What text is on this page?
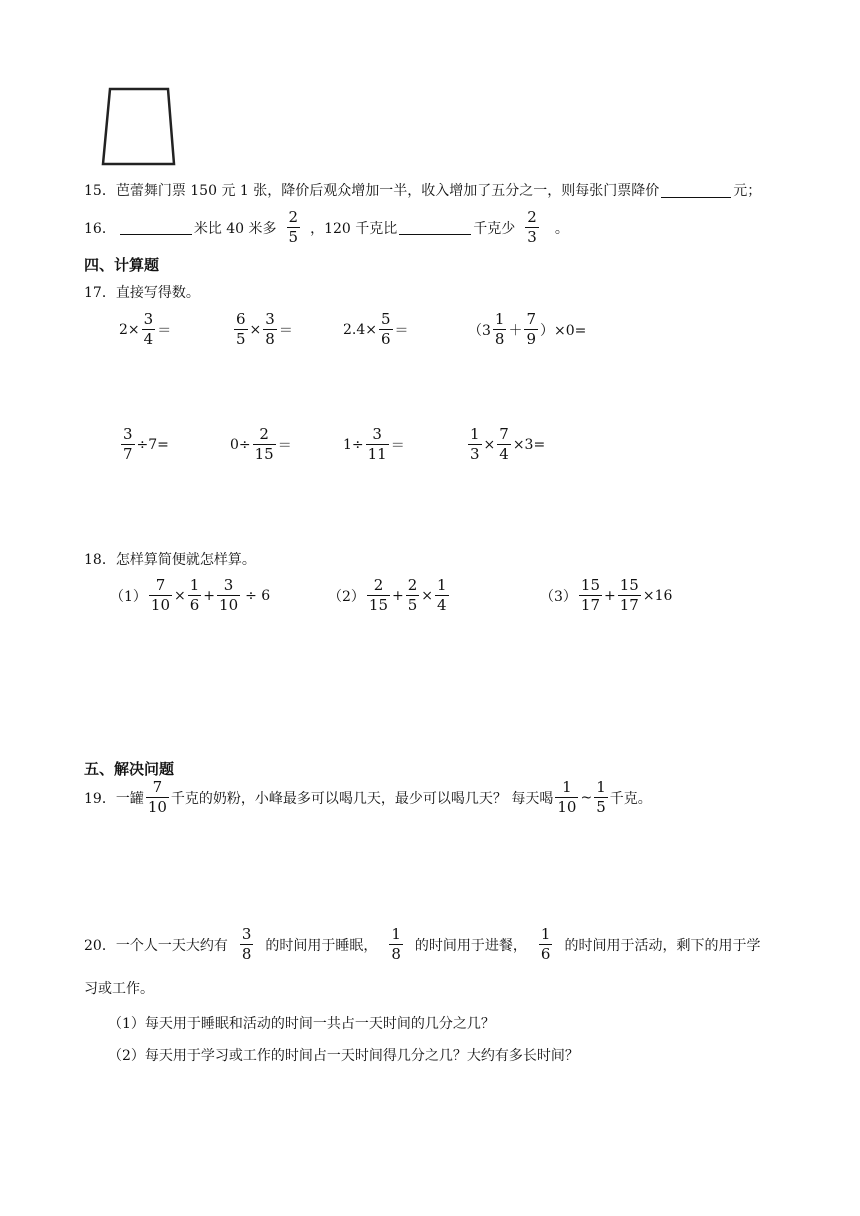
15． 芭蕾舞门票 150 元 1 张，降价后观众增加一半，收入增加了五分之一，则每张门票降价	元；
16．	米比 40 米多 $\frac{2}{5}$ ，120 千克比	千克少 $\frac{2}{3}$ 。
四、计算题
17． 直接写得数。
$2\times \frac{3}{4}$ ＝	$\frac{6}{5} \times \frac{3}{8}$ ＝	$2.4\times \frac{5}{6}$ ＝	$(3 \frac{1}{8} + \frac{7}{9} )\times 0=$
$\frac{3}{7} \div 7=$	$0\div \frac{2}{15}$ ＝	$1\div \frac{3}{11}$ ＝	$\frac{1}{3} \times \frac{7}{4} \times 3=$
18． 怎样算简便就怎样算。
$(1) \frac{7}{10} \times \frac{1}{6} + \frac{3}{10} \div 6$	$(2) \frac{2}{15} + \frac{2}{5} \times \frac{1}{4}$	$(3) \frac{15}{17} + \frac{15}{17} \times 16$
五、解决问题
19． 一罐 $\frac{7}{10}$ 千克的奶粉，小峰最多可以喝几天，最少可以喝几天？ 每天喝 $\frac{1}{10}$ ~ $\frac{1}{5}$ 千克。
20． 一个人一天大约有 $\frac{3}{8}$ 的时间用于睡眠， $\frac{1}{8}$ 的时间用于进餐， $\frac{1}{6}$ 的时间用于活动，剩下的用于学
习或工作。
（1）每天用于睡眠和活动的时间一共占一天时间的几分之几？
（2）每天用于学习或工作的时间占一天时间得几分之几？大约有多长时间？
